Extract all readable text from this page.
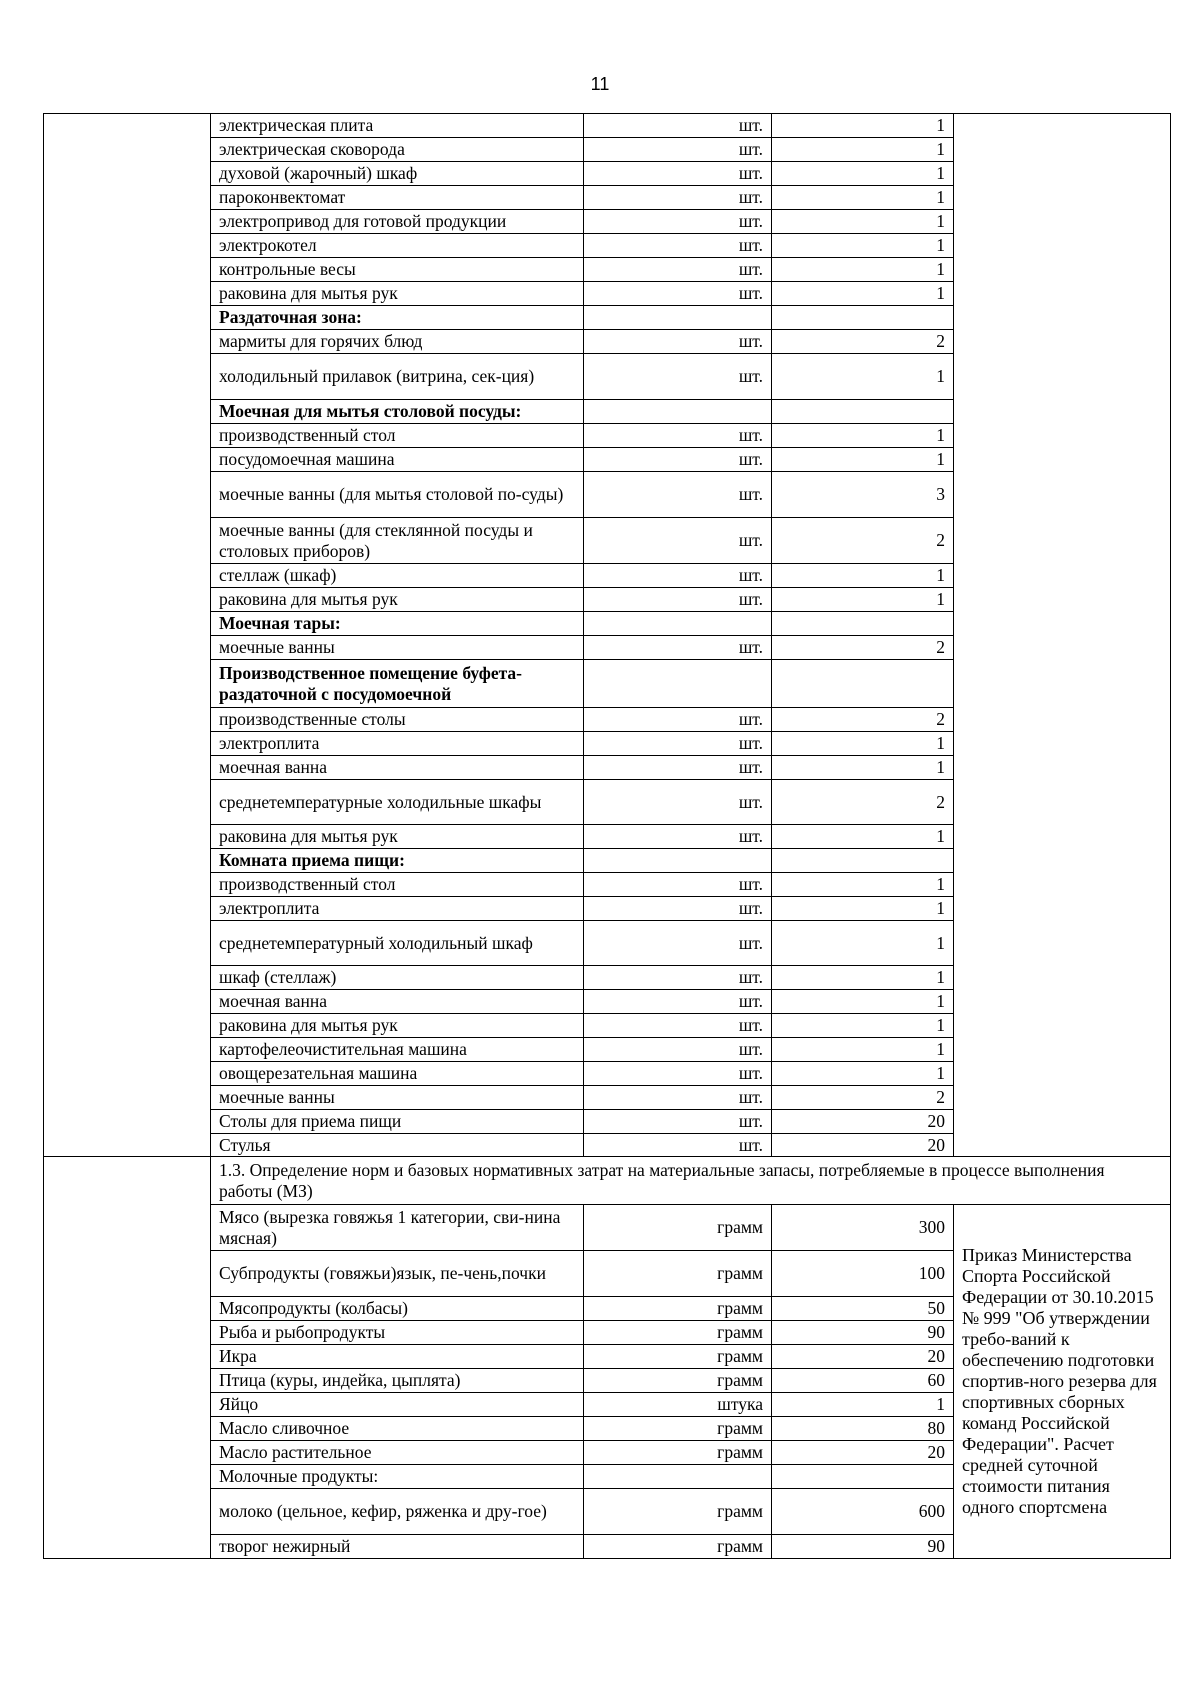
11
	электрическая плита	шт.	1	
	электрическая сковорода	шт.	1	
	духовой (жарочный) шкаф	шт.	1	
	пароконвектомат	шт.	1	
	электропривод для готовой продукции	шт.	1	
	электрокотел	шт.	1	
	контрольные весы	шт.	1	
	раковина для мытья рук	шт.	1	
	Раздаточная зона:			
	мармиты для горячих блюд	шт.	2	
	холодильный прилавок (витрина, сек-ция)	шт.	1	
	Моечная для мытья столовой посуды:			
	производственный стол	шт.	1	
	посудомоечная машина	шт.	1	
	моечные ванны (для мытья столовой по-суды)	шт.	3	
	моечные ванны (для стеклянной посуды и столовых приборов)	шт.	2	
	стеллаж (шкаф)	шт.	1	
	раковина для мытья рук	шт.	1	
	Моечная тары:			
	моечные ванны	шт.	2	
	Производственное помещение буфета-раздаточной с посудомоечной			
	производственные столы	шт.	2	
	электроплита	шт.	1	
	моечная ванна	шт.	1	
	среднетемпературные холодильные шкафы	шт.	2	
	раковина для мытья рук	шт.	1	
	Комната приема пищи:			
	производственный стол	шт.	1	
	электроплита	шт.	1	
	среднетемпературный холодильный шкаф	шт.	1	
	шкаф (стеллаж)	шт.	1	
	моечная ванна	шт.	1	
	раковина для мытья рук	шт.	1	
	картофелеочистительная машина	шт.	1	
	овощерезательная машина	шт.	1	
	моечные ванны	шт.	2	
	Столы для приема пищи	шт.	20	
	Стулья	шт.	20	
	1.3. Определение норм и базовых нормативных затрат на материальные запасы, потребляемые в процессе выполнения работы (МЗ)			
	Мясо (вырезка говяжья 1 категории, сви-нина мясная)	грамм	300	Приказ Министерства Спорта Российской Федерации от 30.10.2015 № 999 "Об утверждении требо-ваний к обеспечению подготовки спортив-ного резерва для спортивных сборных команд Российской Федерации". Расчет средней суточной стоимости питания одного спортсмена
	Субпродукты (говяжьи)язык, пе-чень,почки	грамм	100	
	Мясопродукты (колбасы)	грамм	50	
	Рыба и рыбопродукты	грамм	90	
	Икра	грамм	20	
	Птица (куры, индейка, цыплята)	грамм	60	
	Яйцо	штука	1	
	Масло сливочное	грамм	80	
	Масло растительное	грамм	20	
	Молочные продукты:			
	молоко (цельное, кефир, ряженка и дру-гое)	грамм	600	
	творог нежирный	грамм	90	
